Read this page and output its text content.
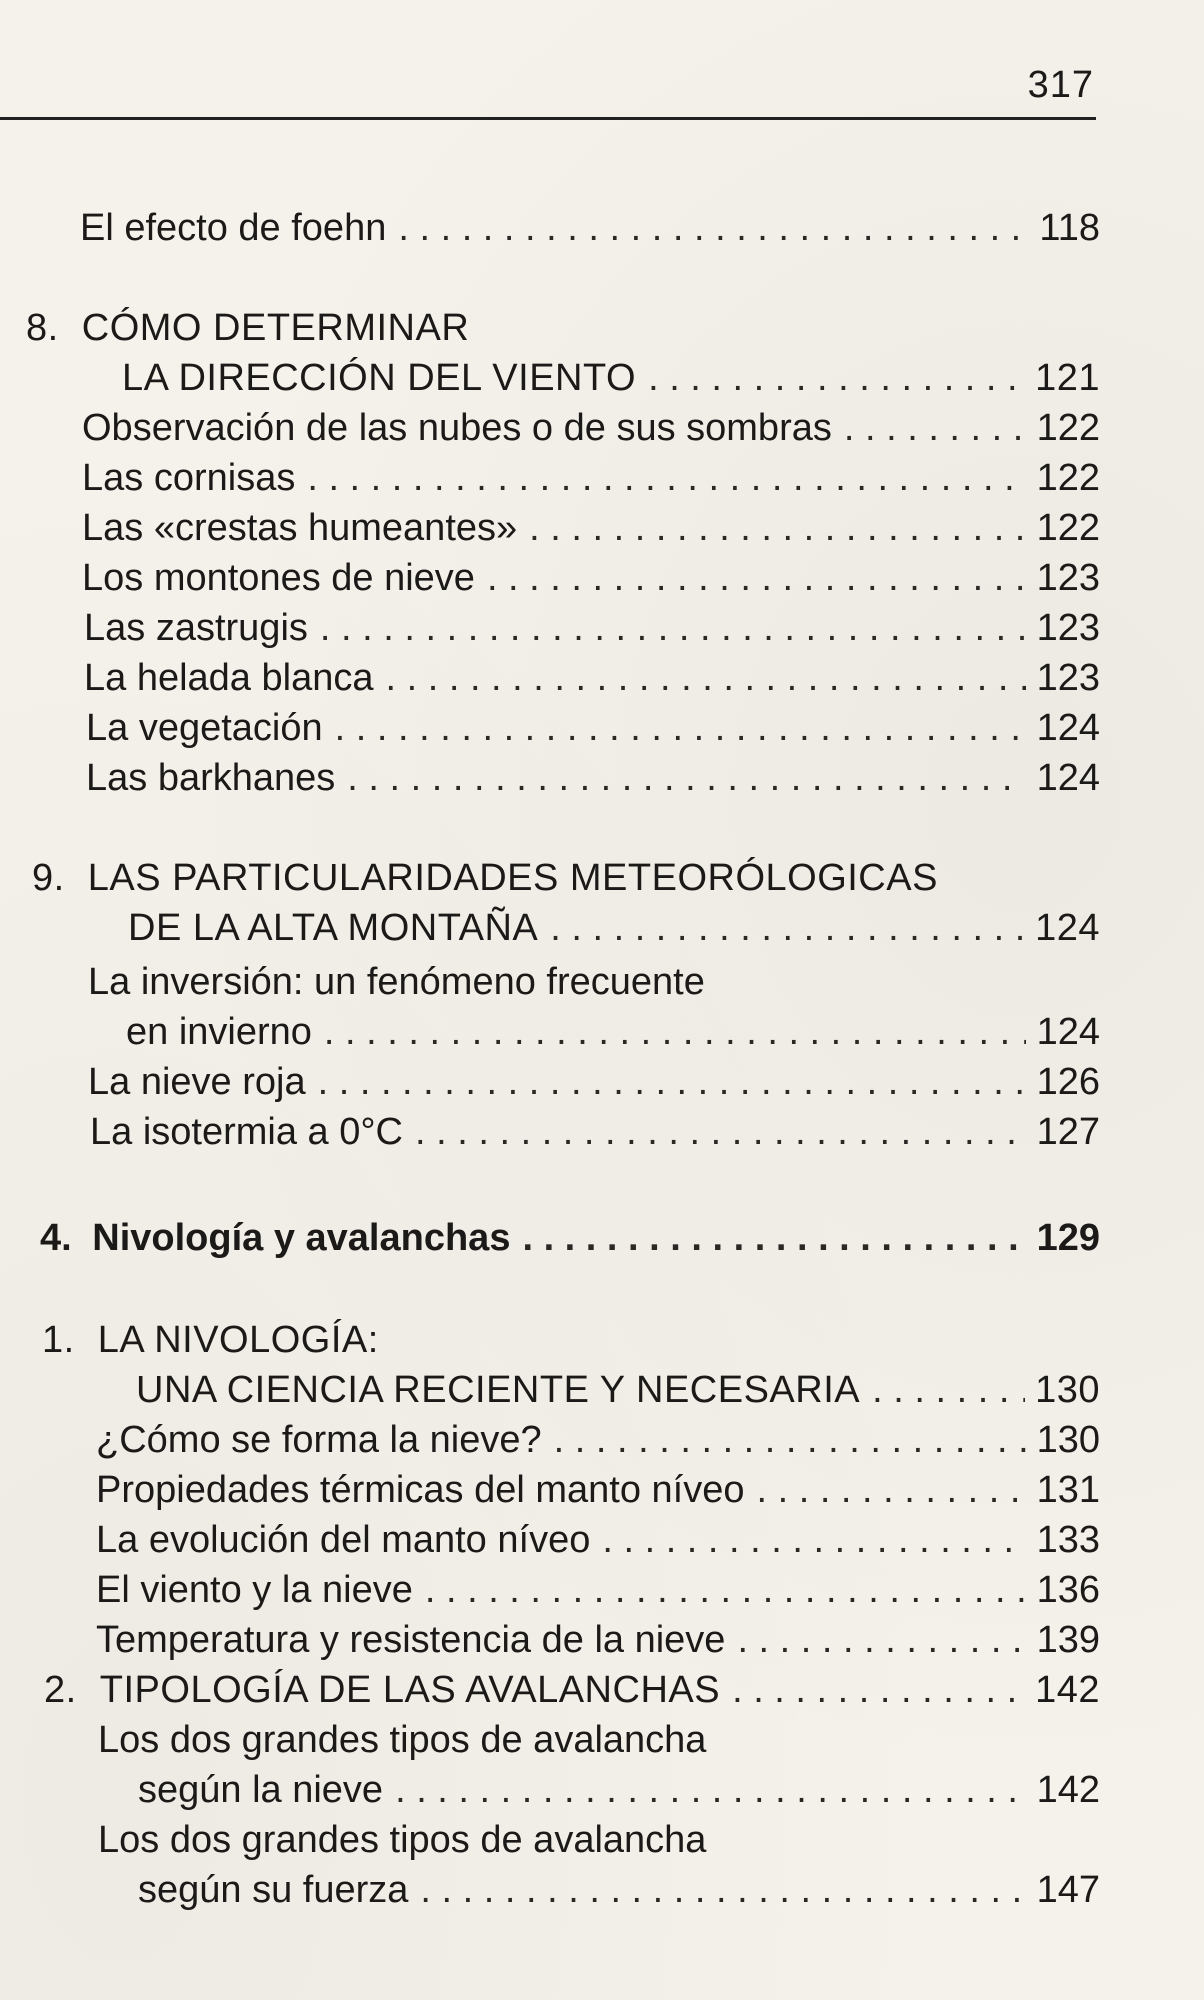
317
El efecto de foehn . . .	118
8. CÓMO DETERMINAR
LA DIRECCIÓN DEL VIENTO . . .	121
Observación de las nubes o de sus sombras . . .	122
Las cornisas . . .	122
Las «crestas humeantes» . . .	122
Los montones de nieve . . .	123
Las zastrugis . . .	123
La helada blanca . . .	123
La vegetación . . .	124
Las barkhanes . . .	124
9. LAS PARTICULARIDADES METEORÓLOGICAS
DE LA ALTA MONTAÑA . . .	124
La inversión: un fenómeno frecuente
en invierno . . .	124
La nieve roja . . .	126
La isotermia a 0°C . . .	127
4. Nivología y avalanchas . . .	129
1. LA NIVOLOGÍA:
UNA CIENCIA RECIENTE Y NECESARIA . . .	130
¿Cómo se forma la nieve? . . .	130
Propiedades térmicas del manto níveo . . .	131
La evolución del manto níveo . . .	133
El viento y la nieve . . .	136
Temperatura y resistencia de la nieve . . .	139
2. TIPOLOGÍA DE LAS AVALANCHAS . . .	142
Los dos grandes tipos de avalancha
según la nieve . . .	142
Los dos grandes tipos de avalancha
según su fuerza . . .	147
